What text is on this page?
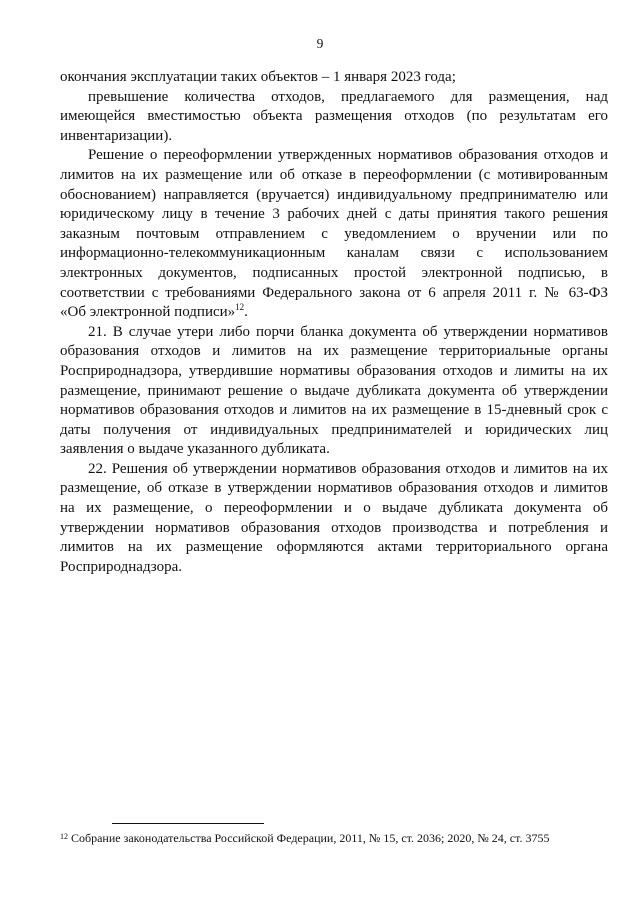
9

окончания эксплуатации таких объектов – 1 января 2023 года;

превышение количества отходов, предлагаемого для размещения, над
имеющейся вместимостью объекта размещения отходов (по результатам его
инвентаризации).

Решение о переоформлении утвержденных нормативов образования отходов и
лимитов на их размещение или об отказе в переоформлении (с мотивированным
обоснованием) направляется (вручается) индивидуальному предпринимателю или
юридическому лицу в течение 3 рабочих дней с даты принятия такого решения
заказным почтовым отправлением с уведомлением о вручении или по
информационно-телекоммуникационным каналам связи с использованием
электронных документов, подписанных простой электронной подписью, в
соответствии с требованиями Федерального закона от 6 апреля 2011 г. № 63-ФЗ
«Об электронной подписи»$^{12}$.

21. В случае утери либо порчи бланка документа об утверждении нормативов
образования отходов и лимитов на их размещение территориальные органы
Росприроднадзора, утвердившие нормативы образования отходов и лимиты на их
размещение, принимают решение о выдаче дубликата документа об утверждении
нормативов образования отходов и лимитов на их размещение в 15-дневный срок с
даты получения от индивидуальных предпринимателей и юридических лиц
заявления о выдаче указанного дубликата.

22. Решения об утверждении нормативов образования отходов и лимитов на их
размещение, об отказе в утверждении нормативов образования отходов и лимитов
на их размещение, о переоформлении и о выдаче дубликата документа об
утверждении нормативов образования отходов производства и потребления и
лимитов на их размещение оформляются актами территориального органа
Росприроднадзора.

$^{12}$ Собрание законодательства Российской Федерации, 2011, № 15, ст. 2036; 2020, № 24, ст. 3755
